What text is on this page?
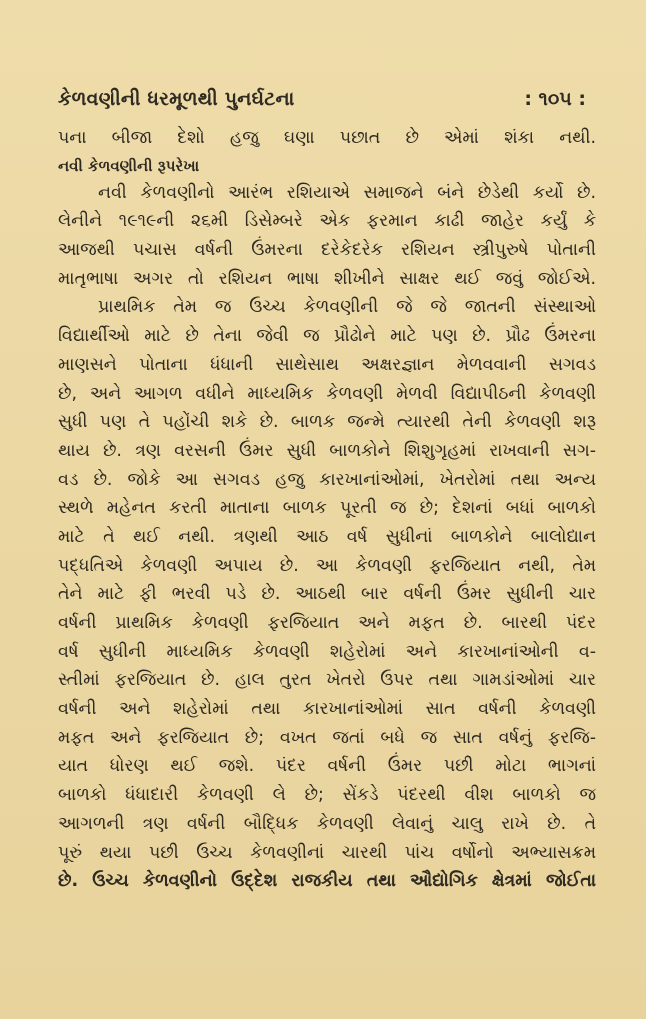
કેળવણીની ધરમૂળથી પુનર્ઘટના	: ૧૦૫ :
પના બીજા દેશો હજુ ઘણા પછાત છે એમાં શંકા નથી.
નવી કેળવણીની રૂપરેખા
નવી કેળવણીનો આરંભ રશિયાએ સમાજને બંને છેડેથી કર્યો છે.
લેનીને ૧૯૧૯ની ૨૬મી ડિસેમ્બરે એક ફરમાન કાઢી જાહેર કર્યું કે
આજથી પચાસ વર્ષની ઉંમરના દરેકેદરેક રશિયન સ્ત્રીપુરુષે પોતાની
માતૃભાષા અગર તો રશિયન ભાષા શીખીને સાક્ષર થઈ જવું જોઈએ.
પ્રાથમિક તેમ જ ઉચ્ચ કેળવણીની જે જે જાતની સંસ્થાઓ
વિદ્યાર્થીઓ માટે છે તેના જેવી જ પ્રૌઢોને માટે પણ છે. પ્રૌઢ ઉંમરના
માણસને પોતાના ધંધાની સાથેસાથ અક્ષરજ્ઞાન મેળવવાની સગવડ
છે, અને આગળ વધીને માધ્યમિક કેળવણી મેળવી વિદ્યાપીઠની કેળવણી
સુધી પણ તે પહોંચી શકે છે. બાળક જન્મે ત્યારથી તેની કેળવણી શરૂ
થાય છે. ત્રણ વરસની ઉંમર સુધી બાળકોને શિશુગૃહમાં રાખવાની સગ-
વડ છે. જોકે આ સગવડ હજુ કારખાનાંઓમાં, ખેતરોમાં તથા અન્ય
સ્થળે મહેનત કરતી માતાના બાળક પૂરતી જ છે; દેશનાં બધાં બાળકો
માટે તે થઈ નથી. ત્રણથી આઠ વર્ષ સુધીનાં બાળકોને બાલોદ્યાન
પદ્ધતિએ કેળવણી અપાય છે. આ કેળવણી ફરજિયાત નથી, તેમ
તેને માટે ફી ભરવી પડે છે. આઠથી બાર વર્ષની ઉંમર સુધીની ચાર
વર્ષની પ્રાથમિક કેળવણી ફરજિયાત અને મફત છે. બારથી પંદર
વર્ષ સુધીની માધ્યમિક કેળવણી શહેરોમાં અને કારખાનાંઓની વ-
સ્તીમાં ફરજિયાત છે. હાલ તુરત ખેતરો ઉપર તથા ગામડાંઓમાં ચાર
વર્ષની અને શહેરોમાં તથા કારખાનાંઓમાં સાત વર્ષની કેળવણી
મફત અને ફરજિયાત છે; વખત જતાં બધે જ સાત વર્ષનું ફરજિ-
યાત ધોરણ થઈ જશે. પંદર વર્ષની ઉંમર પછી મોટા ભાગનાં
બાળકો ધંધાદારી કેળવણી લે છે; સેંકડે પંદરથી વીશ બાળકો જ
આગળની ત્રણ વર્ષની બૌદ્ધિક કેળવણી લેવાનું ચાલુ રાખે છે. તે
પૂરું થયા પછી ઉચ્ચ કેળવણીનાં ચારથી પાંચ વર્ષોનો અભ્યાસક્રમ
છે. ઉચ્ચ કેળવણીનો ઉદ્દેશ રાજકીય તથા ઔદ્યોગિક ક્ષેત્રમાં જોઈતા
